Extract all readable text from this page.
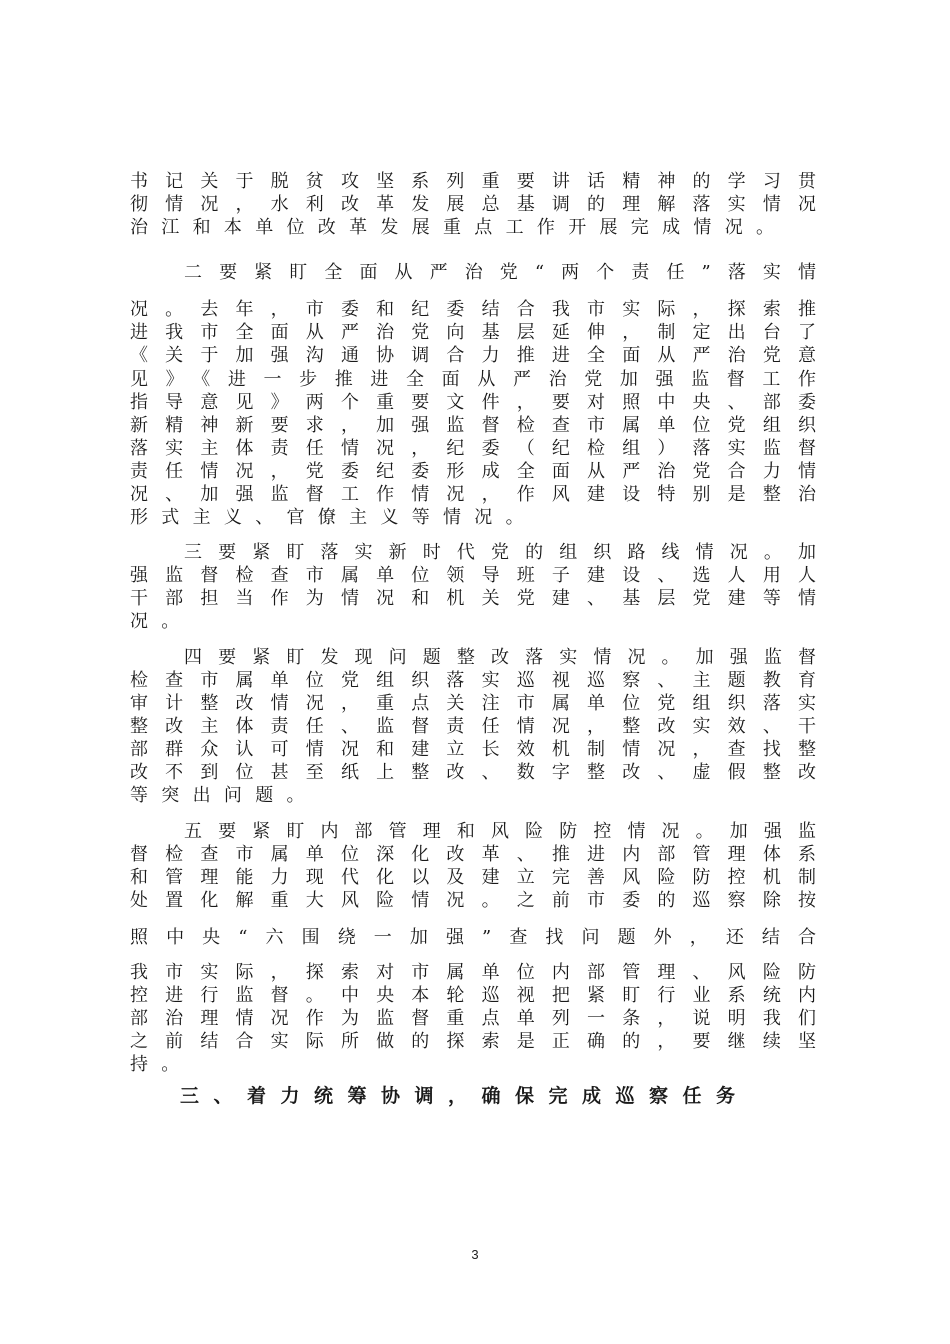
书记关于脱贫攻坚系列重要讲话精神的学习贯
彻情况，水利改革发展总基调的理解落实情况
治江和本单位改革发展重点工作开展完成情况。
二要紧盯全面从严治党“两个责任”落实情
况。去年，市委和纪委结合我市实际，探索推
进我市全面从严治党向基层延伸，制定出台了
《关于加强沟通协调合力推进全面从严治党意
见》《进一步推进全面从严治党加强监督工作
指导意见》两个重要文件，要对照中央、部委
新精神新要求，加强监督检查市属单位党组织
落实主体责任情况，纪委（纪检组）落实监督
责任情况，党委纪委形成全面从严治党合力情
况、加强监督工作情况，作风建设特别是整治
形式主义、官僚主义等情况。
三要紧盯落实新时代党的组织路线情况。加
强监督检查市属单位领导班子建设、选人用人
干部担当作为情况和机关党建、基层党建等情
况。
四要紧盯发现问题整改落实情况。加强监督
检查市属单位党组织落实巡视巡察、主题教育
审计整改情况，重点关注市属单位党组织落实
整改主体责任、监督责任情况，整改实效、干
部群众认可情况和建立长效机制情况，查找整
改不到位甚至纸上整改、数字整改、虚假整改
等突出问题。
五要紧盯内部管理和风险防控情况。加强监
督检查市属单位深化改革、推进内部管理体系
和管理能力现代化以及建立完善风险防控机制
处置化解重大风险情况。之前市委的巡察除按
照中央“六围绕一加强”查找问题外，还结合
我市实际，探索对市属单位内部管理、风险防
控进行监督。中央本轮巡视把紧盯行业系统内
部治理情况作为监督重点单列一条，说明我们
之前结合实际所做的探索是正确的，要继续坚
持。
三、着力统筹协调，确保完成巡察任务
3
